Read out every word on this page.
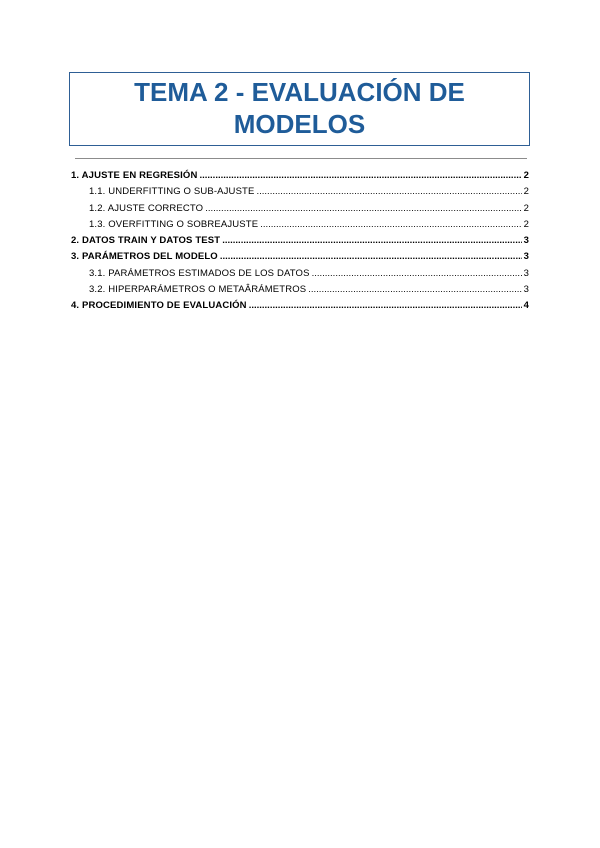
TEMA 2 - EVALUACIÓN DE
MODELOS
1. AJUSTE EN REGRESIÓN .....	2
1.1. UNDERFITTING O SUB-AJUSTE .....	2
1.2. AJUSTE CORRECTO .....	2
1.3. OVERFITTING O SOBREAJUSTE .....	2
2. DATOS TRAIN Y DATOS TEST .....	3
3. PARÁMETROS DEL MODELO .....	3
3.1. PARÁMETROS ESTIMADOS DE LOS DATOS .....	3
3.2. HIPERPARÁMETROS O METAÂRÁMETROS .....	3
4. PROCEDIMIENTO DE EVALUACIÓN .....	4
